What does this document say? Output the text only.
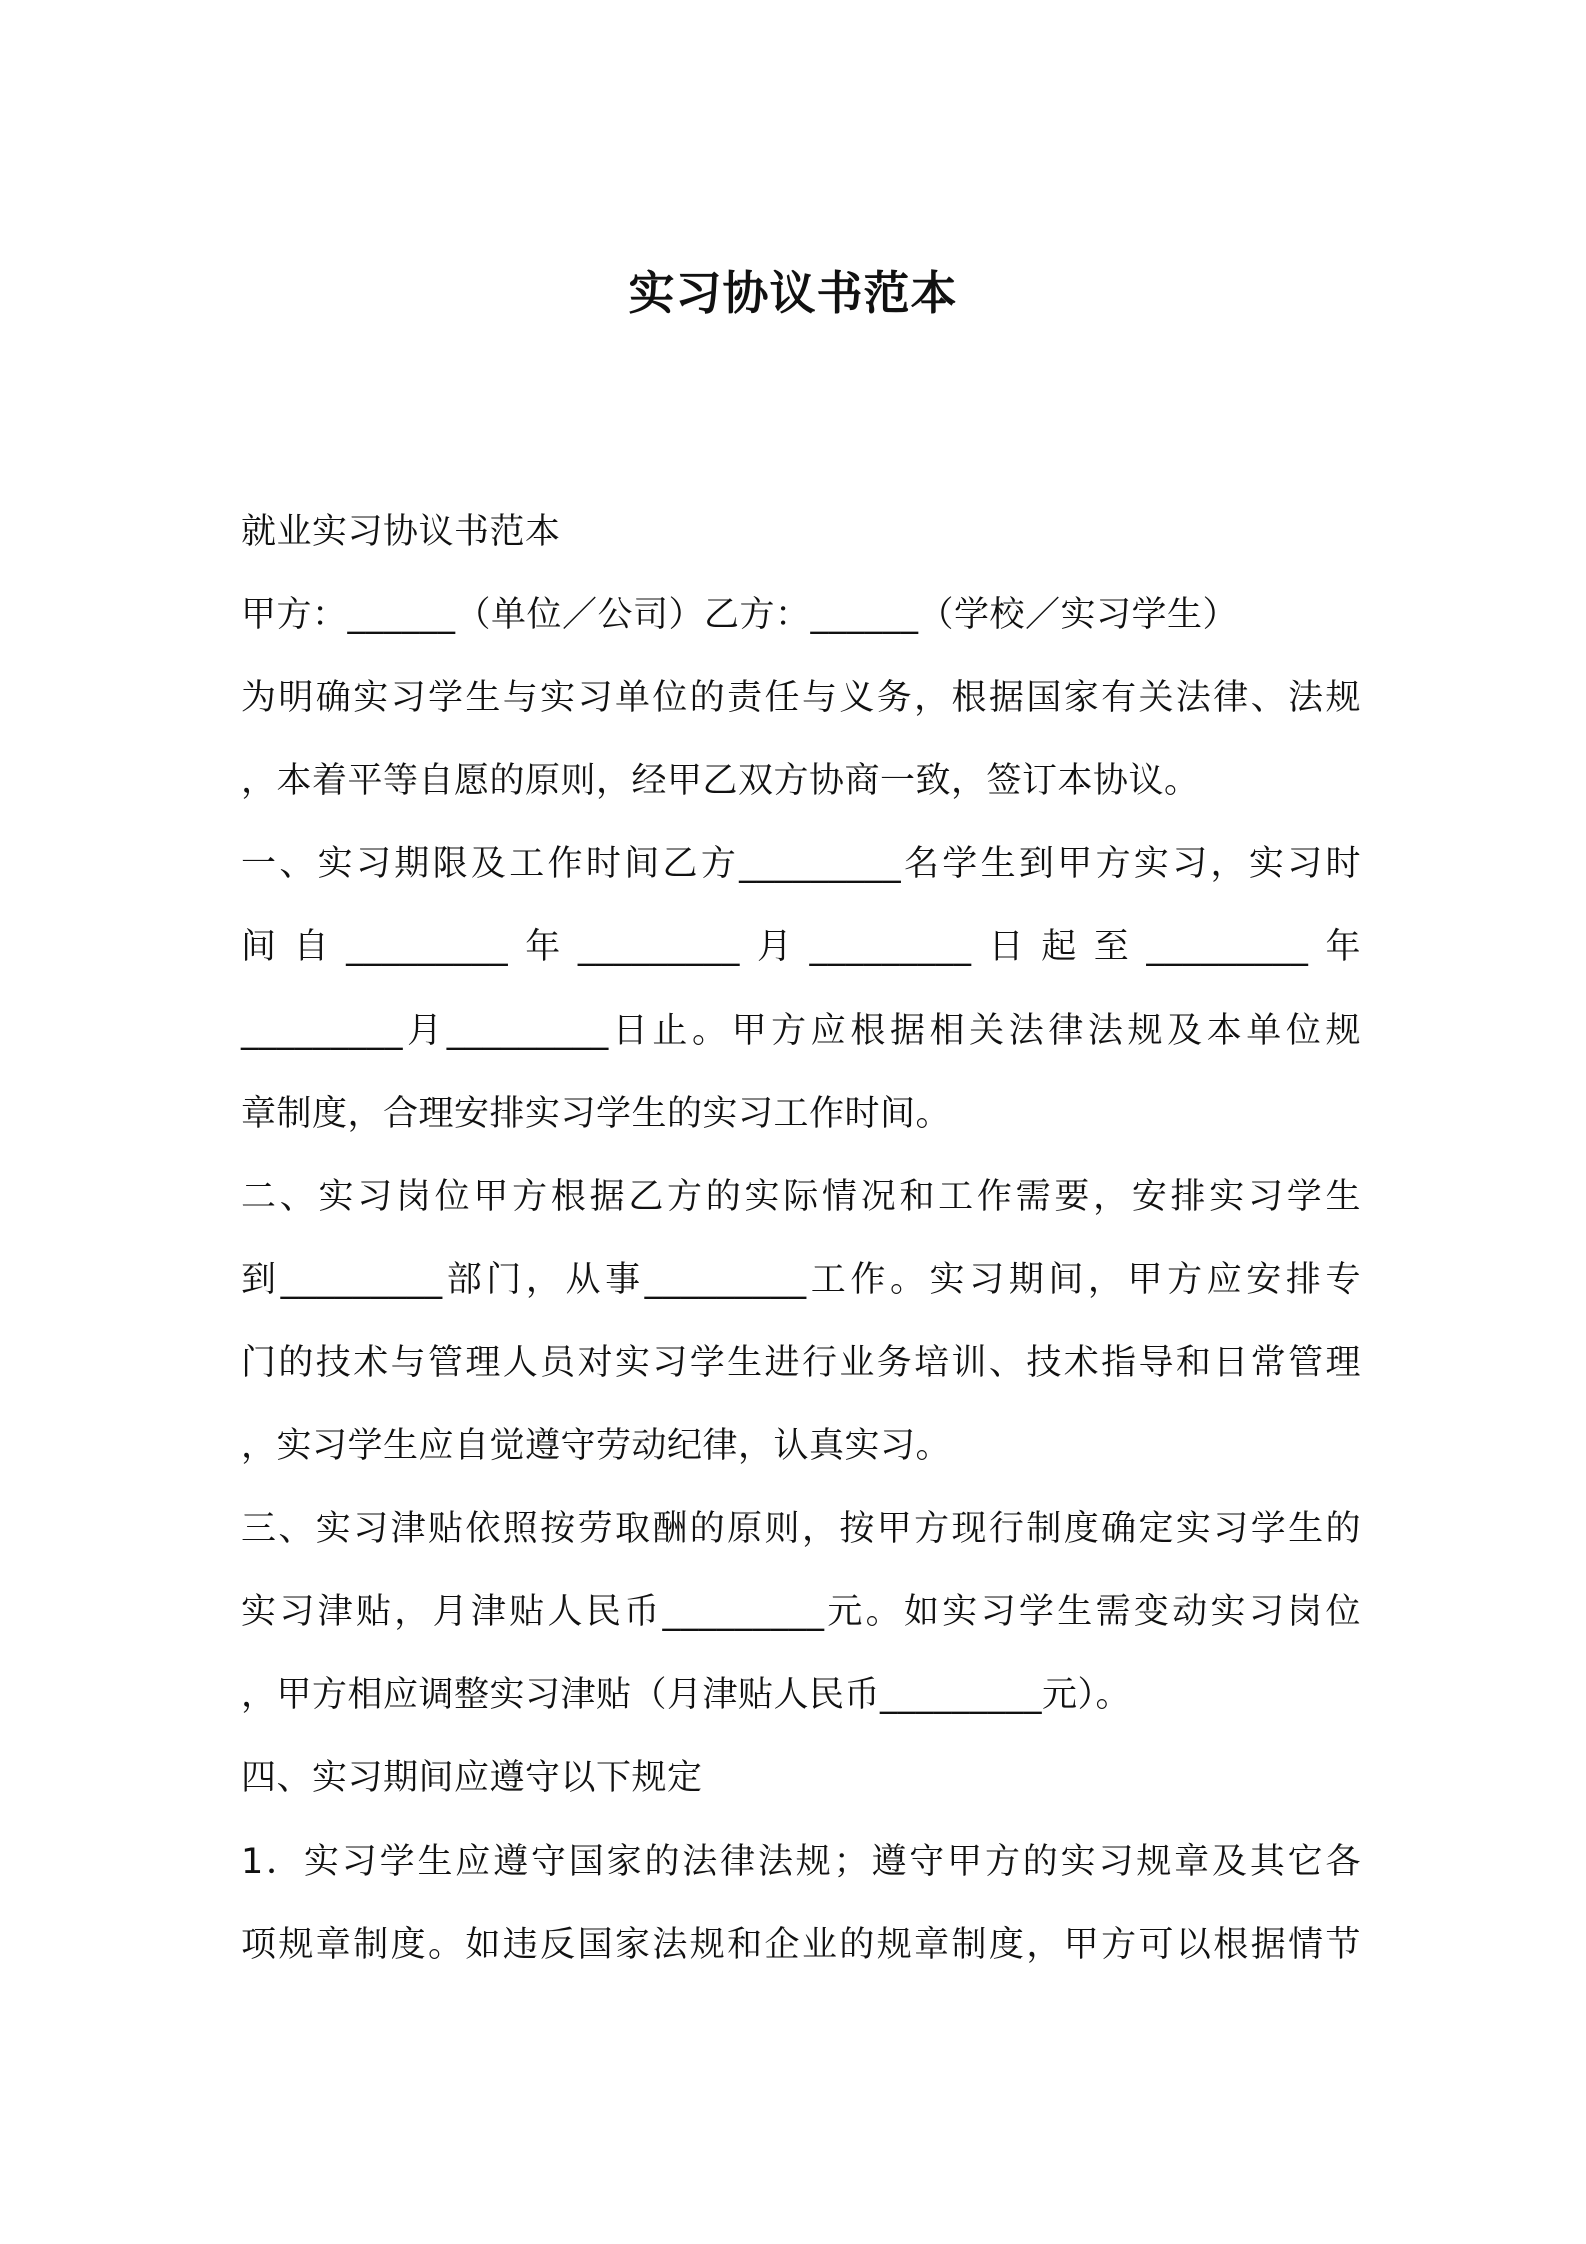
实习协议书范本
就业实习协议书范本
甲方：______（单位／公司）乙方：______（学校／实习学生）
为明确实习学生与实习单位的责任与义务，根据国家有关法律、法规
，本着平等自愿的原则，经甲乙双方协商一致，签订本协议。
一、实习期限及工作时间乙方_________名学生到甲方实习，实习时
间自_________年_________月_________日起至_________年
_________月_________日止。甲方应根据相关法律法规及本单位规
章制度，合理安排实习学生的实习工作时间。
二、实习岗位甲方根据乙方的实际情况和工作需要，安排实习学生
到_________部门，从事_________工作。实习期间，甲方应安排专
门的技术与管理人员对实习学生进行业务培训、技术指导和日常管理
，实习学生应自觉遵守劳动纪律，认真实习。
三、实习津贴依照按劳取酬的原则，按甲方现行制度确定实习学生的
实习津贴，月津贴人民币_________元。如实习学生需变动实习岗位
，甲方相应调整实习津贴（月津贴人民币_________元）。
四、实习期间应遵守以下规定
1．实习学生应遵守国家的法律法规；遵守甲方的实习规章及其它各
项规章制度。如违反国家法规和企业的规章制度，甲方可以根据情节
